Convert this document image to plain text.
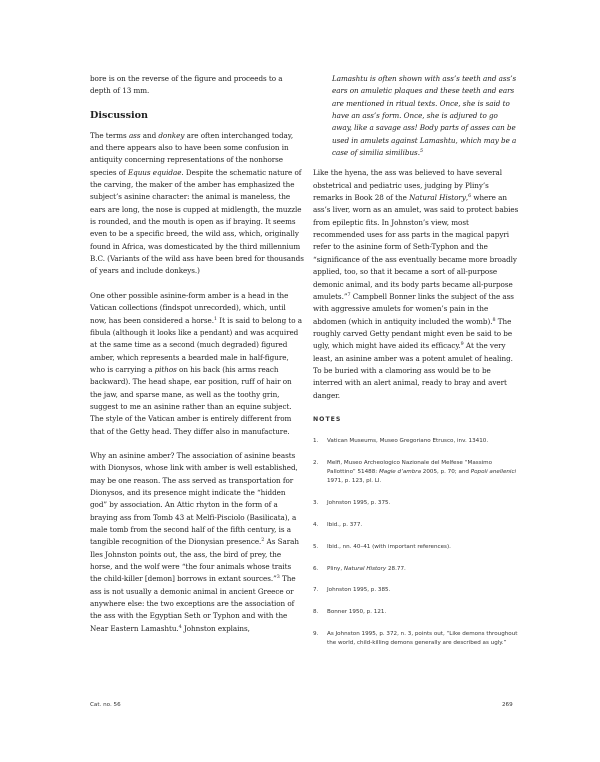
bore is on the reverse of the figure and proceeds to a depth of 13 mm.

Discussion

The terms ass and donkey are often interchanged today, and there appears also to have been some confusion in antiquity concerning representations of the nonhorse species of Equus equidae. Despite the schematic nature of the carving, the maker of the amber has emphasized the subject’s asinine character: the animal is maneless, the ears are long, the nose is cupped at midlength, the muzzle is rounded, and the mouth is open as if braying. It seems even to be a specific breed, the wild ass, which, originally found in Africa, was domesticated by the third millennium B.C. (Variants of the wild ass have been bred for thousands of years and include donkeys.)

One other possible asinine-form amber is a head in the Vatican collections (findspot unrecorded), which, until now, has been considered a horse.$^1$ It is said to belong to a fibula (although it looks like a pendant) and was acquired at the same time as a second (much degraded) figured amber, which represents a bearded male in half-figure, who is carrying a pithos on his back (his arms reach backward). The head shape, ear position, ruff of hair on the jaw, and sparse mane, as well as the toothy grin, suggest to me an asinine rather than an equine subject. The style of the Vatican amber is entirely different from that of the Getty head. They differ also in manufacture.

Why an asinine amber? The association of asinine beasts with Dionysos, whose link with amber is well established, may be one reason. The ass served as transportation for Dionysos, and its presence might indicate the “hidden god” by association. An Attic rhyton in the form of a braying ass from Tomb 43 at Melfi-Pisciolo (Basilicata), a male tomb from the second half of the fifth century, is a tangible recognition of the Dionysian presence.$^2$ As Sarah Iles Johnston points out, the ass, the bird of prey, the horse, and the wolf were “the four animals whose traits the child-killer [demon] borrows in extant sources.”$^3$ The ass is not usually a demonic animal in ancient Greece or anywhere else: the two exceptions are the association of the ass with the Egyptian Seth or Typhon and with the Near Eastern Lamashtu.$^4$ Johnston explains,

Lamashtu is often shown with ass’s teeth and ass’s ears on amuletic plaques and these teeth and ears are mentioned in ritual texts. Once, she is said to have an ass’s form. Once, she is adjured to go away, like a savage ass! Body parts of asses can be used in amulets against Lamashtu, which may be a case of similia similibus.$^5$

Like the hyena, the ass was believed to have several obstetrical and pediatric uses, judging by Pliny’s remarks in Book 28 of the Natural History,$^6$ where an ass’s liver, worn as an amulet, was said to protect babies from epileptic fits. In Johnston’s view, most recommended uses for ass parts in the magical papyri refer to the asinine form of Seth-Typhon and the “significance of the ass eventually became more broadly applied, too, so that it became a sort of all-purpose demonic animal, and its body parts became all-purpose amulets.”$^7$ Campbell Bonner links the subject of the ass with aggressive amulets for women’s pain in the abdomen (which in antiquity included the womb).$^8$ The roughly carved Getty pendant might even be said to be ugly, which might have aided its efficacy.$^9$ At the very least, an asinine amber was a potent amulet of healing. To be buried with a clamoring ass would be to be interred with an alert animal, ready to bray and avert danger.

NOTES
1. Vatican Museums, Museo Gregoriano Etrusco, inv. 13410.
2. Melfi, Museo Archeologico Nazionale del Melfese “Massimo Pallottino” 51488: Magie d’ambra 2005, p. 70; and Popoli anellenici 1971, p. 123, pl. LI.
3. Johnston 1995, p. 375.
4. Ibid., p. 377.
5. Ibid., nn. 40–41 (with important references).
6. Pliny, Natural History 28.77.
7. Johnston 1995, p. 385.
8. Bonner 1950, p. 121.
9. As Johnston 1995, p. 372, n. 3, points out, “Like demons throughout the world, child-killing demons generally are described as ugly.”
Cat. no. 56	269
